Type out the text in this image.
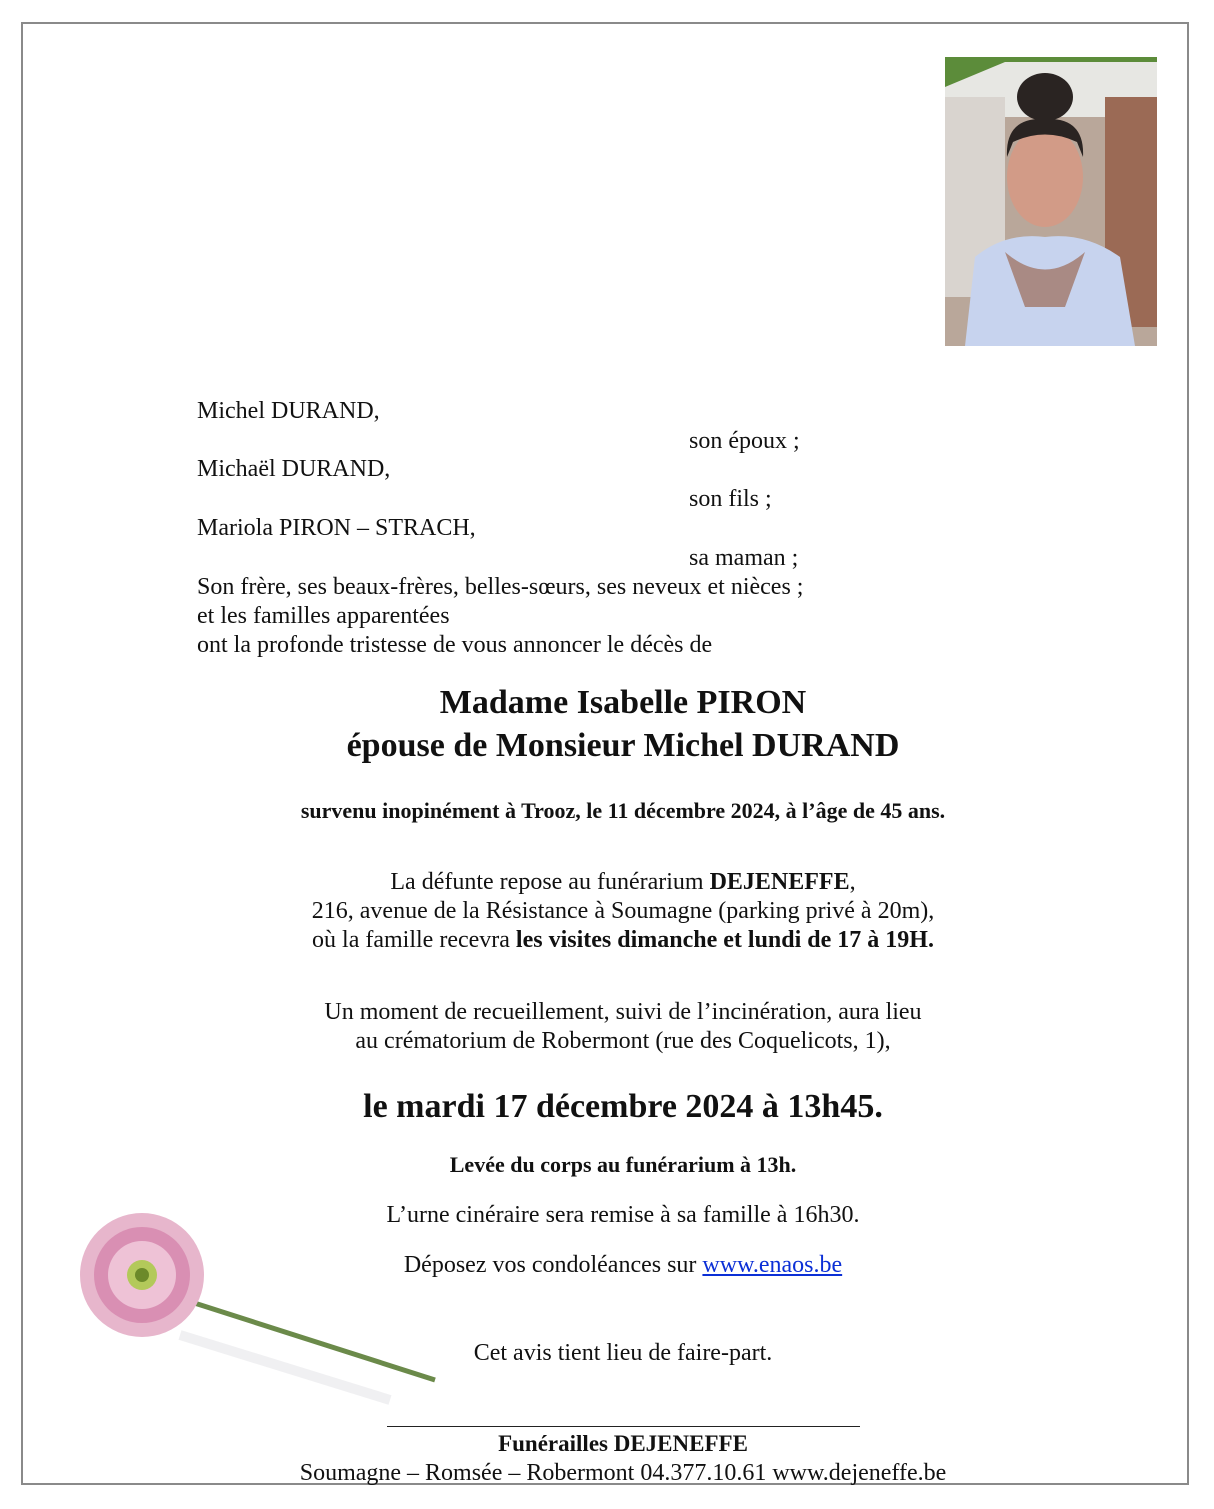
Michel DURAND,
son époux ;
Michaël DURAND,
son fils ;
Mariola PIRON – STRACH,
sa maman ;
Son frère, ses beaux-frères, belles-sœurs, ses neveux et nièces ;
et les familles apparentées
ont la profonde tristesse de vous annoncer le décès de
Madame Isabelle PIRON
épouse de Monsieur Michel DURAND
survenu inopinément à Trooz, le 11 décembre 2024, à l’âge de 45 ans.
La défunte repose au funérarium DEJENEFFE,
216, avenue de la Résistance à Soumagne (parking privé à 20m),
où la famille recevra les visites dimanche et lundi de 17 à 19H.
Un moment de recueillement, suivi de l’incinération, aura lieu
au crématorium de Robermont (rue des Coquelicots, 1),
le mardi 17 décembre 2024 à 13h45.
Levée du corps au funérarium à 13h.
L’urne cinéraire sera remise à sa famille à 16h30.
Déposez vos condoléances sur www.enaos.be
Cet avis tient lieu de faire-part.
Funérailles DEJENEFFE
Soumagne – Romsée – Robermont 04.377.10.61 www.dejeneffe.be
